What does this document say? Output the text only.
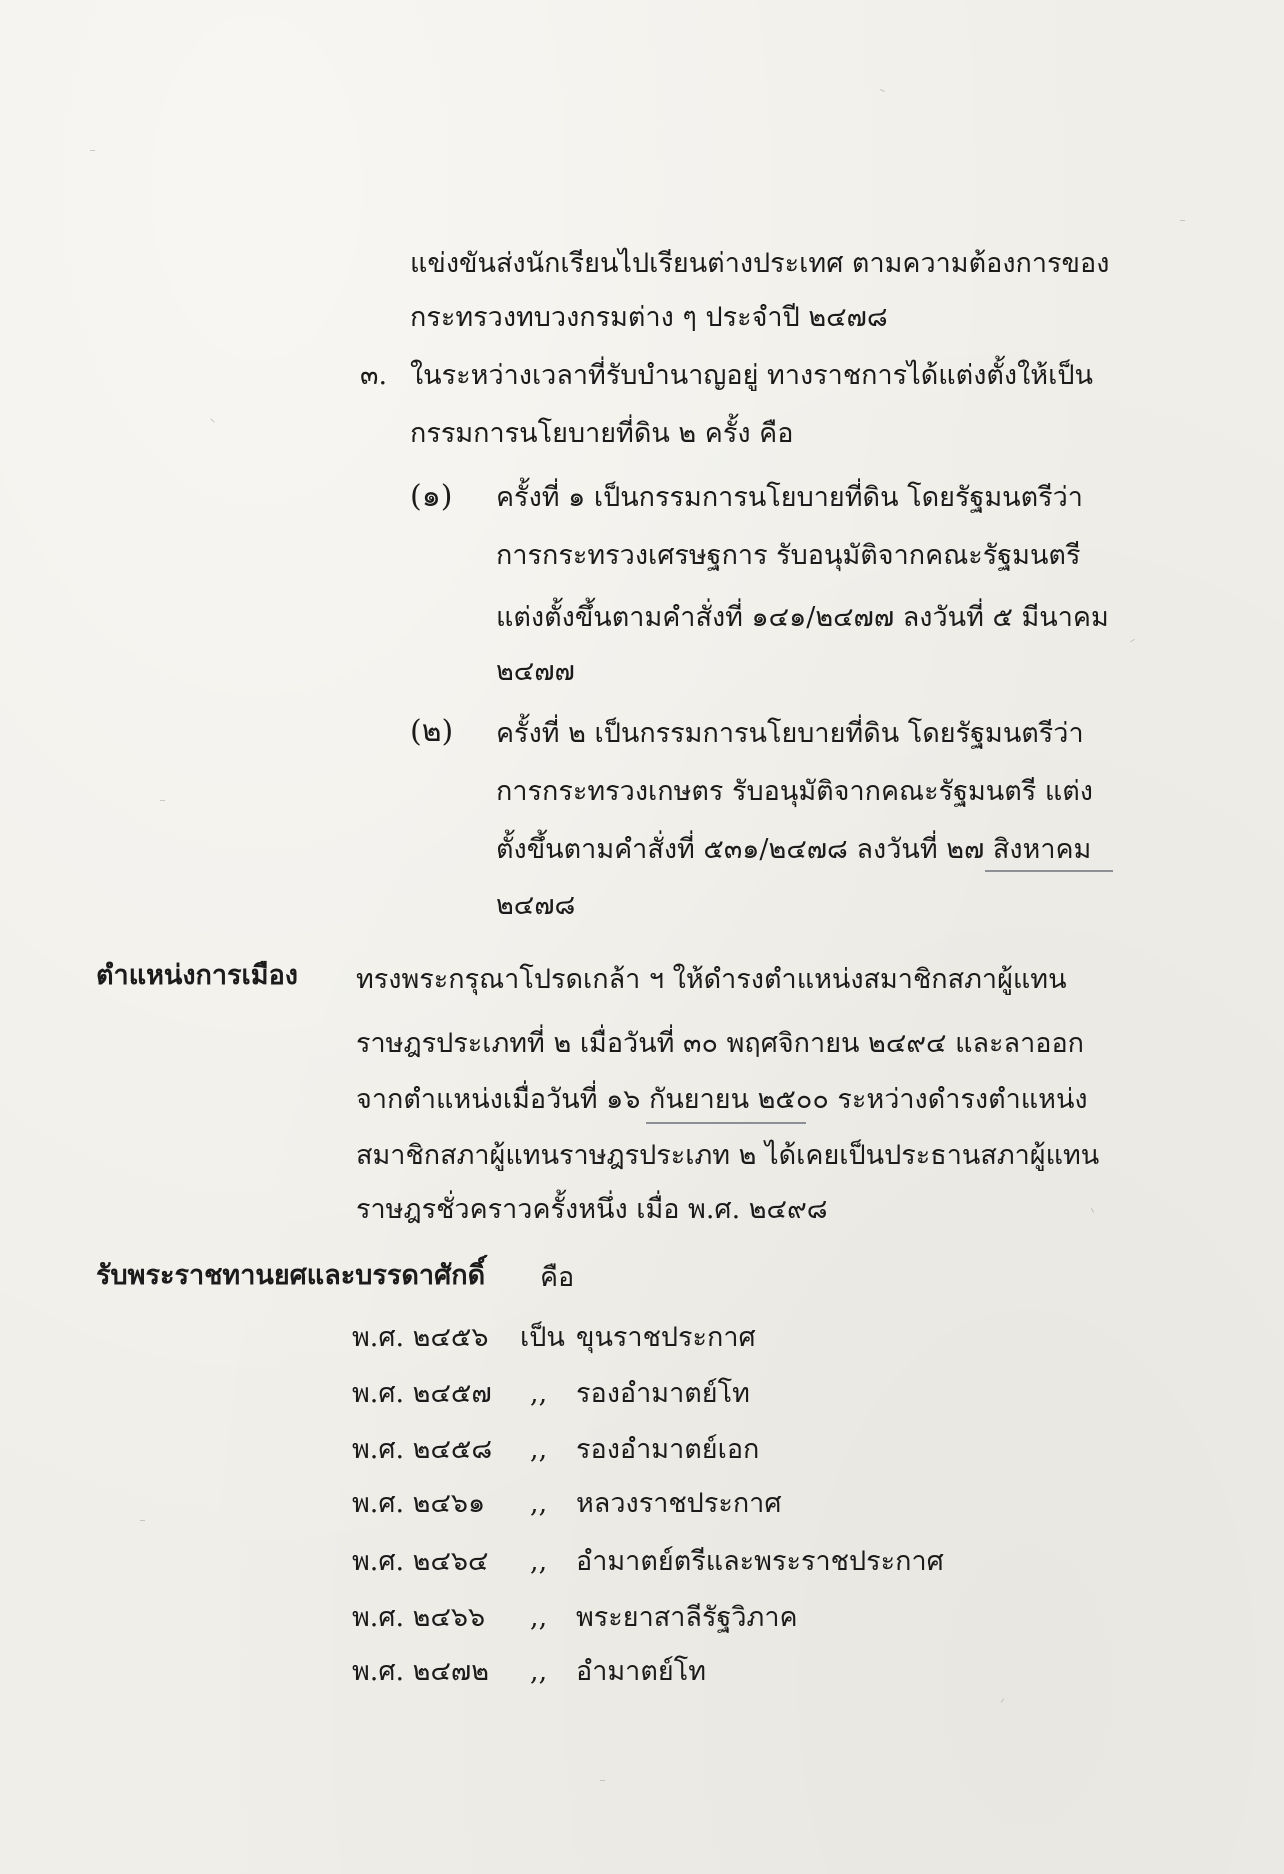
แข่งขันส่งนักเรียนไปเรียนต่างประเทศ ตามความต้องการของ
กระทรวงทบวงกรมต่าง ๆ ประจำปี ๒๔๗๘
๓. ในระหว่างเวลาที่รับบำนาญอยู่ ทางราชการได้แต่งตั้งให้เป็น
กรรมการนโยบายที่ดิน ๒ ครั้ง คือ
(๑) ครั้งที่ ๑ เป็นกรรมการนโยบายที่ดิน โดยรัฐมนตรีว่า
การกระทรวงเศรษฐการ รับอนุมัติจากคณะรัฐมนตรี
แต่งตั้งขึ้นตามคำสั่งที่ ๑๔๑/๒๔๗๗ ลงวันที่ ๕ มีนาคม
๒๔๗๗
(๒) ครั้งที่ ๒ เป็นกรรมการนโยบายที่ดิน โดยรัฐมนตรีว่า
การกระทรวงเกษตร รับอนุมัติจากคณะรัฐมนตรี แต่ง
ตั้งขึ้นตามคำสั่งที่ ๕๓๑/๒๔๗๘ ลงวันที่ ๒๗ สิงหาคม
๒๔๗๘
ตำแหน่งการเมือง ทรงพระกรุณาโปรดเกล้า ฯ ให้ดำรงตำแหน่งสมาชิกสภาผู้แทน
ราษฎรประเภทที่ ๒ เมื่อวันที่ ๓๐ พฤศจิกายน ๒๔๙๔ และลาออก
จากตำแหน่งเมื่อวันที่ ๑๖ กันยายน ๒๕๐๐ ระหว่างดำรงตำแหน่ง
สมาชิกสภาผู้แทนราษฎรประเภท ๒ ได้เคยเป็นประธานสภาผู้แทน
ราษฎรชั่วคราวครั้งหนึ่ง เมื่อ พ.ศ. ๒๔๙๘
รับพระราชทานยศและบรรดาศักดิ์ คือ
พ.ศ. ๒๔๕๖ เป็น ขุนราชประกาศ
พ.ศ. ๒๔๕๗ ,, รองอำมาตย์โท
พ.ศ. ๒๔๕๘ ,, รองอำมาตย์เอก
พ.ศ. ๒๔๖๑ ,, หลวงราชประกาศ
พ.ศ. ๒๔๖๔ ,, อำมาตย์ตรีและพระราชประกาศ
พ.ศ. ๒๔๖๖ ,, พระยาสาลีรัฐวิภาค
พ.ศ. ๒๔๗๒ ,, อำมาตย์โท
